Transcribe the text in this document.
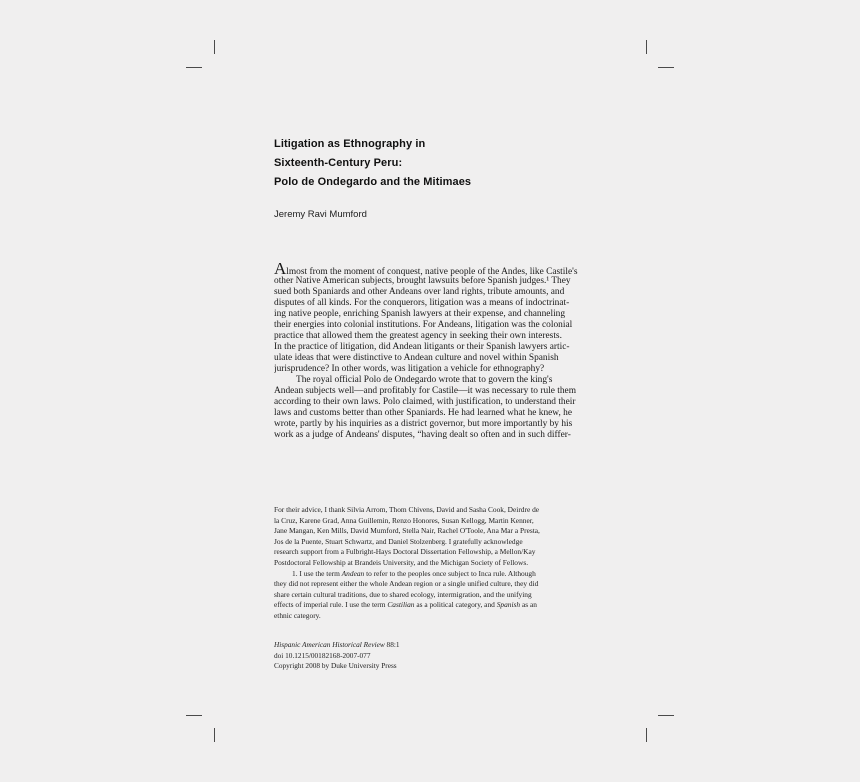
Litigation as Ethnography in
Sixteenth-Century Peru:
Polo de Ondegardo and the Mitimaes
Jeremy Ravi Mumford
Almost from the moment of conquest, native people of the Andes, like Castile's
other Native American subjects, brought lawsuits before Spanish judges.¹ They
sued both Spaniards and other Andeans over land rights, tribute amounts, and
disputes of all kinds. For the conquerors, litigation was a means of indoctrinat-
ing native people, enriching Spanish lawyers at their expense, and channeling
their energies into colonial institutions. For Andeans, litigation was the colonial
practice that allowed them the greatest agency in seeking their own interests.
In the practice of litigation, did Andean litigants or their Spanish lawyers artic-
ulate ideas that were distinctive to Andean culture and novel within Spanish
jurisprudence? In other words, was litigation a vehicle for ethnography?
The royal official Polo de Ondegardo wrote that to govern the king's
Andean subjects well—and profitably for Castile—it was necessary to rule them
according to their own laws. Polo claimed, with justification, to understand their
laws and customs better than other Spaniards. He had learned what he knew, he
wrote, partly by his inquiries as a district governor, but more importantly by his
work as a judge of Andeans' disputes, “having dealt so often and in such differ-
For their advice, I thank Silvia Arrom, Thom Chivens, David and Sasha Cook, Deirdre de
la Cruz, Karene Grad, Anna Guillemin, Renzo Honores, Susan Kellogg, Martin Kenner,
Jane Mangan, Ken Mills, David Mumford, Stella Nair, Rachel O'Toole, Ana Mar a Presta,
Jos de la Puente, Stuart Schwartz, and Daniel Stolzenberg. I gratefully acknowledge
research support from a Fulbright-Hays Doctoral Dissertation Fellowship, a Mellon/Kay
Postdoctoral Fellowship at Brandeis University, and the Michigan Society of Fellows.
1. I use the term Andean to refer to the peoples once subject to Inca rule. Although
they did not represent either the whole Andean region or a single unified culture, they did
share certain cultural traditions, due to shared ecology, intermigration, and the unifying
effects of imperial rule. I use the term Castilian as a political category, and Spanish as an
ethnic category.
Hispanic American Historical Review 88:1
doi 10.1215/00182168-2007-077
Copyright 2008 by Duke University Press
